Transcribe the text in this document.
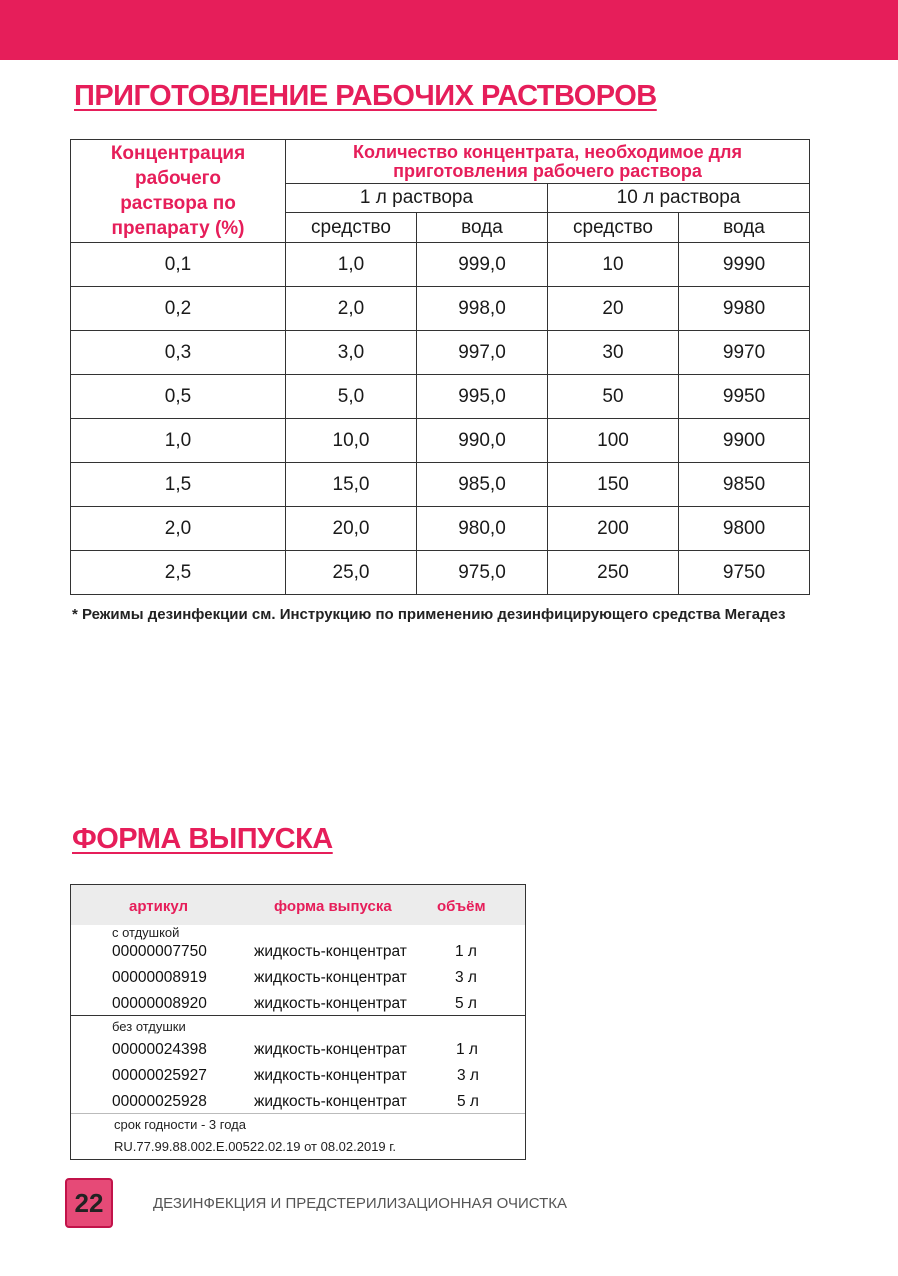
ПРИГОТОВЛЕНИЕ РАБОЧИХ РАСТВОРОВ
Концентрация рабочего раствора по препарату (%)	Количество концентрата, необходимое для приготовления рабочего раствора			
	1 л раствора		10 л раствора	
	средство	вода	средство	вода
0,1	1,0	999,0	10	9990
0,2	2,0	998,0	20	9980
0,3	3,0	997,0	30	9970
0,5	5,0	995,0	50	9950
1,0	10,0	990,0	100	9900
1,5	15,0	985,0	150	9850
2,0	20,0	980,0	200	9800
2,5	25,0	975,0	250	9750
* Режимы дезинфекции см. Инструкцию по применению дезинфицирующего средства Мегадез
ФОРМА ВЫПУСКА
артикул	форма выпуска	объём
с отдушкой
00000007750	жидкость-концентрат	1 л
00000008919	жидкость-концентрат	3 л
00000008920	жидкость-концентрат	5 л
без отдушки
00000024398	жидкость-концентрат	1 л
00000025927	жидкость-концентрат	3 л
00000025928	жидкость-концентрат	5 л
срок годности - 3 года
RU.77.99.88.002.Е.00522.02.19 от 08.02.2019 г.
22	ДЕЗИНФЕКЦИЯ И ПРЕДСТЕРИЛИЗАЦИОННАЯ ОЧИСТКА
